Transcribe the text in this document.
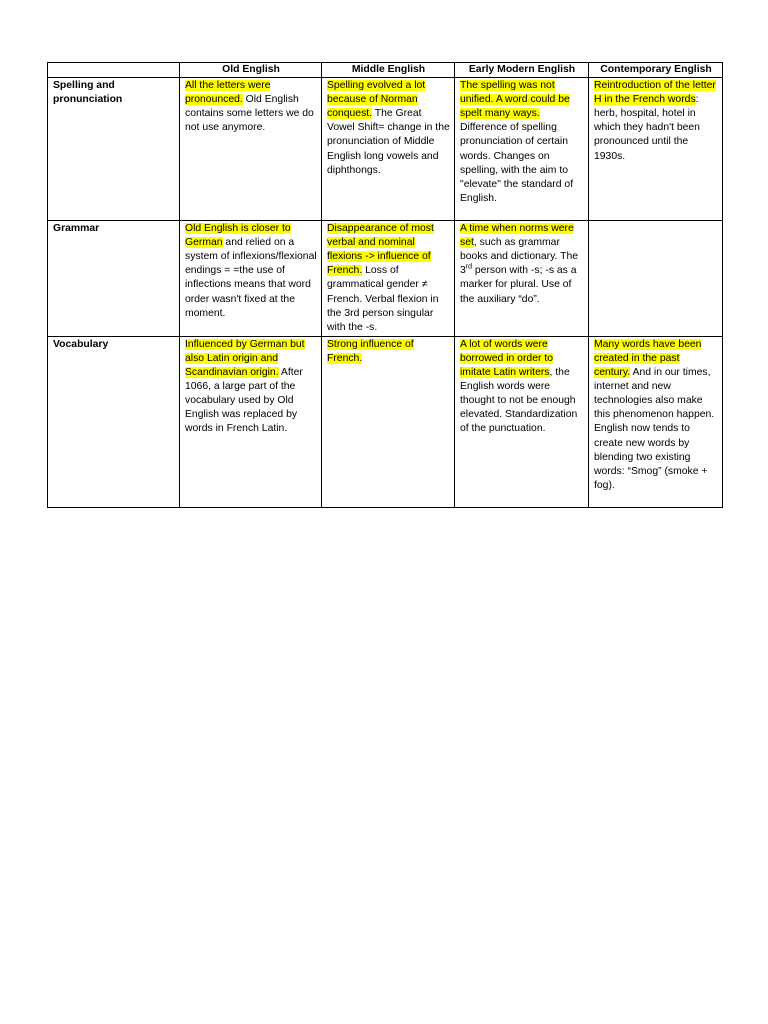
	Old English	Middle English	Early Modern English	Contemporary English
Spelling and pronunciation	All the letters were pronounced. Old English contains some letters we do not use anymore.	Spelling evolved a lot because of Norman conquest. The Great Vowel Shift= change in the pronunciation of Middle English long vowels and diphthongs.	The spelling was not unified. A word could be spelt many ways. Difference of spelling pronunciation of certain words. Changes on spelling, with the aim to "elevate" the standard of English.	Reintroduction of the letter H in the French words: herb, hospital, hotel in which they hadn't been pronounced until the 1930s.

Grammar	Old English is closer to German and relied on a system of inflexions/flexional endings = =the use of inflections means that word order wasn't fixed at the moment.	Disappearance of most verbal and nominal flexions -> influence of French. Loss of grammatical gender ≠ French. Verbal flexion in the 3rd person singular with the -s.	A time when norms were set, such as grammar books and dictionary. The 3rd person with -s; -s as a marker for plural. Use of the auxiliary “do”.	

Vocabulary	Influenced by German but also Latin origin and Scandinavian origin. After 1066, a large part of the vocabulary used by Old English was replaced by words in French Latin.	Strong influence of French.	A lot of words were borrowed in order to imitate Latin writers, the English words were thought to not be enough elevated. Standardization of the punctuation.	Many words have been created in the past century. And in our times, internet and new technologies also make this phenomenon happen.
English now tends to create new words by blending two existing words: “Smog” (smoke + fog).
